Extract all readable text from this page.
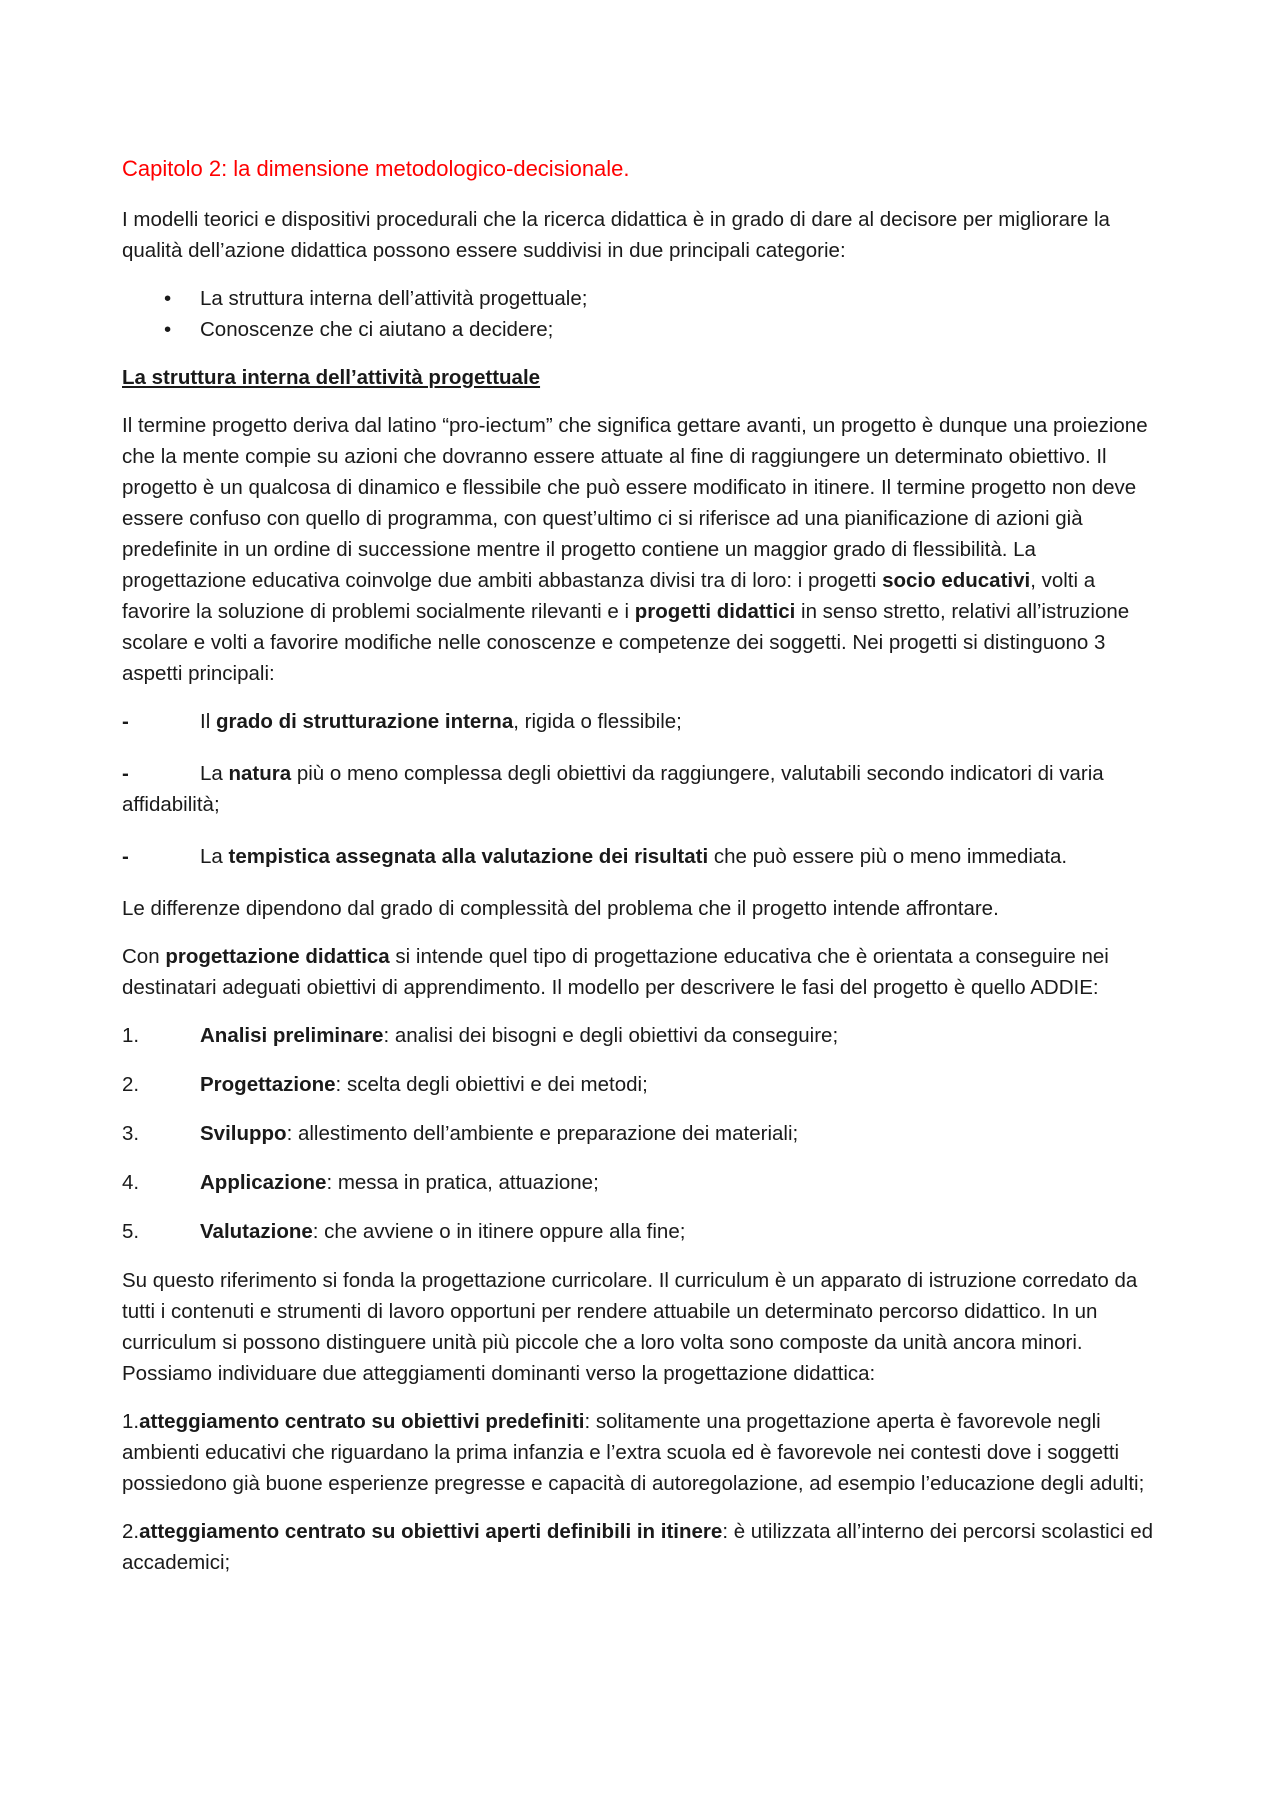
Capitolo 2: la dimensione metodologico-decisionale.

I modelli teorici e dispositivi procedurali che la ricerca didattica è in grado di dare al decisore per migliorare la qualità dell’azione didattica possono essere suddivisi in due principali categorie:

• La struttura interna dell’attività progettuale;
• Conoscenze che ci aiutano a decidere;
La struttura interna dell’attività progettuale

Il termine progetto deriva dal latino “pro-iectum” che significa gettare avanti, un progetto è dunque una proiezione che la mente compie su azioni che dovranno essere attuate al fine di raggiungere un determinato obiettivo. Il progetto è un qualcosa di dinamico e flessibile che può essere modificato in itinere. Il termine progetto non deve essere confuso con quello di programma, con quest’ultimo ci si riferisce ad una pianificazione di azioni già predefinite in un ordine di successione mentre il progetto contiene un maggior grado di flessibilità. La progettazione educativa coinvolge due ambiti abbastanza divisi tra di loro: i progetti socio educativi, volti a favorire la soluzione di problemi socialmente rilevanti e i progetti didattici in senso stretto, relativi all’istruzione scolare e volti a favorire modifiche nelle conoscenze e competenze dei soggetti. Nei progetti si distinguono 3 aspetti principali:

-	Il grado di strutturazione interna, rigida o flessibile;
-	La natura più o meno complessa degli obiettivi da raggiungere, valutabili secondo indicatori di varia affidabilità;
-	La tempistica assegnata alla valutazione dei risultati che può essere più o meno immediata.

Le differenze dipendono dal grado di complessità del problema che il progetto intende affrontare.

Con progettazione didattica si intende quel tipo di progettazione educativa che è orientata a conseguire nei destinatari adeguati obiettivi di apprendimento. Il modello per descrivere le fasi del progetto è quello ADDIE:

1.	Analisi preliminare: analisi dei bisogni e degli obiettivi da conseguire;
2.	Progettazione: scelta degli obiettivi e dei metodi;
3.	Sviluppo: allestimento dell’ambiente e preparazione dei materiali;
4.	Applicazione: messa in pratica, attuazione;
5.	Valutazione: che avviene o in itinere oppure alla fine;

Su questo riferimento si fonda la progettazione curricolare. Il curriculum è un apparato di istruzione corredato da tutti i contenuti e strumenti di lavoro opportuni per rendere attuabile un determinato percorso didattico. In un curriculum si possono distinguere unità più piccole che a loro volta sono composte da unità ancora minori. Possiamo individuare due atteggiamenti dominanti verso la progettazione didattica:

1.atteggiamento centrato su obiettivi predefiniti: solitamente una progettazione aperta è favorevole negli ambienti educativi che riguardano la prima infanzia e l’extra scuola ed è favorevole nei contesti dove i soggetti possiedono già buone esperienze pregresse e capacità di autoregolazione, ad esempio l’educazione degli adulti;

2.atteggiamento centrato su obiettivi aperti definibili in itinere: è utilizzata all’interno dei percorsi scolastici ed accademici;
